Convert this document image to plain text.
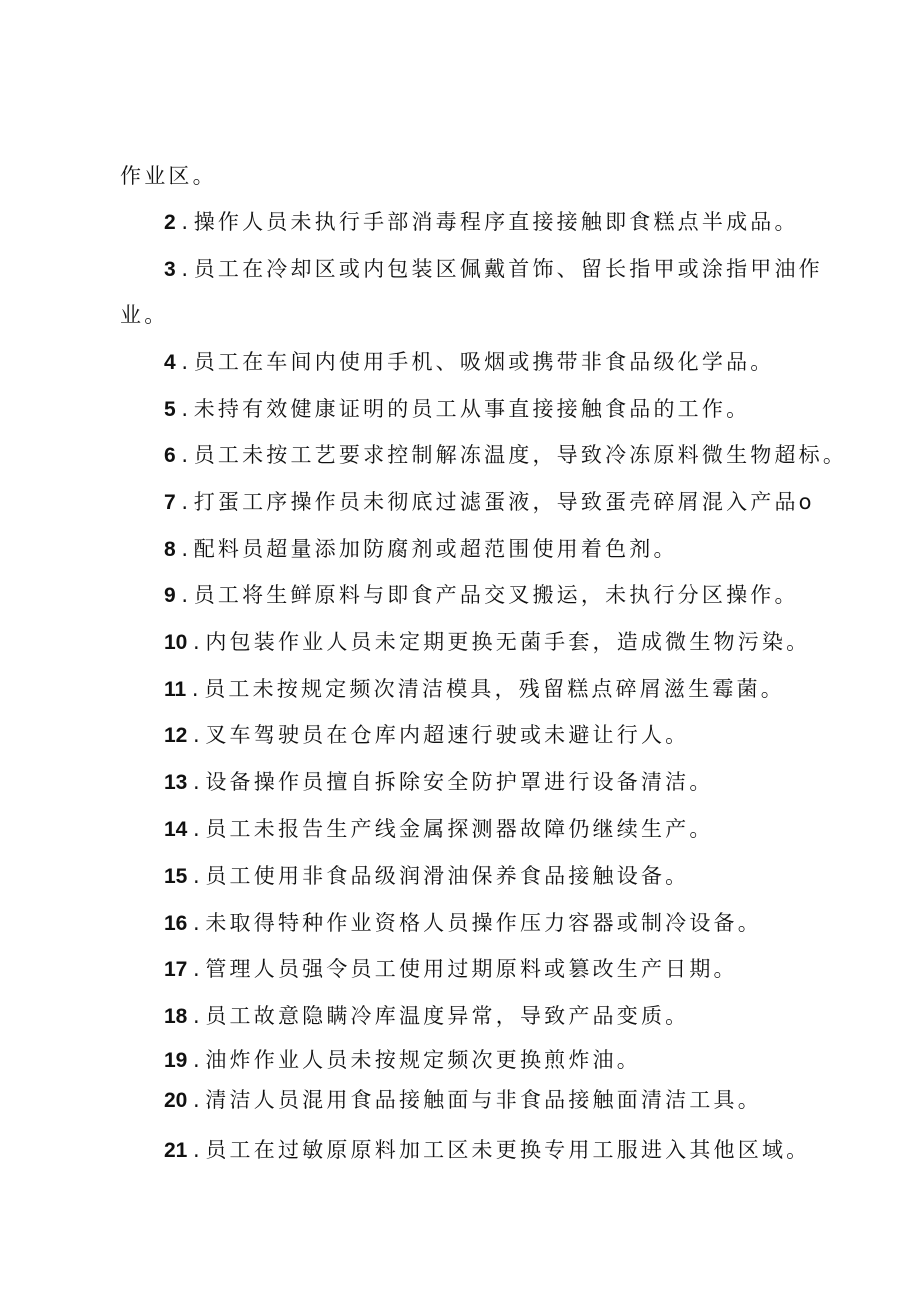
作业区。
2 . 操作人员未执行手部消毒程序直接接触即食糕点半成品。
3 . 员工在冷却区或内包装区佩戴首饰、留长指甲或涂指甲油作
业。
4 . 员工在车间内使用手机、吸烟或携带非食品级化学品。
5 . 未持有效健康证明的员工从事直接接触食品的工作。
6 . 员工未按工艺要求控制解冻温度，导致冷冻原料微生物超标。
7 . 打蛋工序操作员未彻底过滤蛋液，导致蛋壳碎屑混入产品o
8 . 配料员超量添加防腐剂或超范围使用着色剂。
9 . 员工将生鲜原料与即食产品交叉搬运，未执行分区操作。
10 . 内包装作业人员未定期更换无菌手套，造成微生物污染。
11 . 员工未按规定频次清洁模具，残留糕点碎屑滋生霉菌。
12 . 叉车驾驶员在仓库内超速行驶或未避让行人。
13 . 设备操作员擅自拆除安全防护罩进行设备清洁。
14 . 员工未报告生产线金属探测器故障仍继续生产。
15 . 员工使用非食品级润滑油保养食品接触设备。
16 . 未取得特种作业资格人员操作压力容器或制冷设备。
17 . 管理人员强令员工使用过期原料或篡改生产日期。
18 . 员工故意隐瞒冷库温度异常，导致产品变质。
19 . 油炸作业人员未按规定频次更换煎炸油。
20 . 清洁人员混用食品接触面与非食品接触面清洁工具。
21 . 员工在过敏原原料加工区未更换专用工服进入其他区域。
